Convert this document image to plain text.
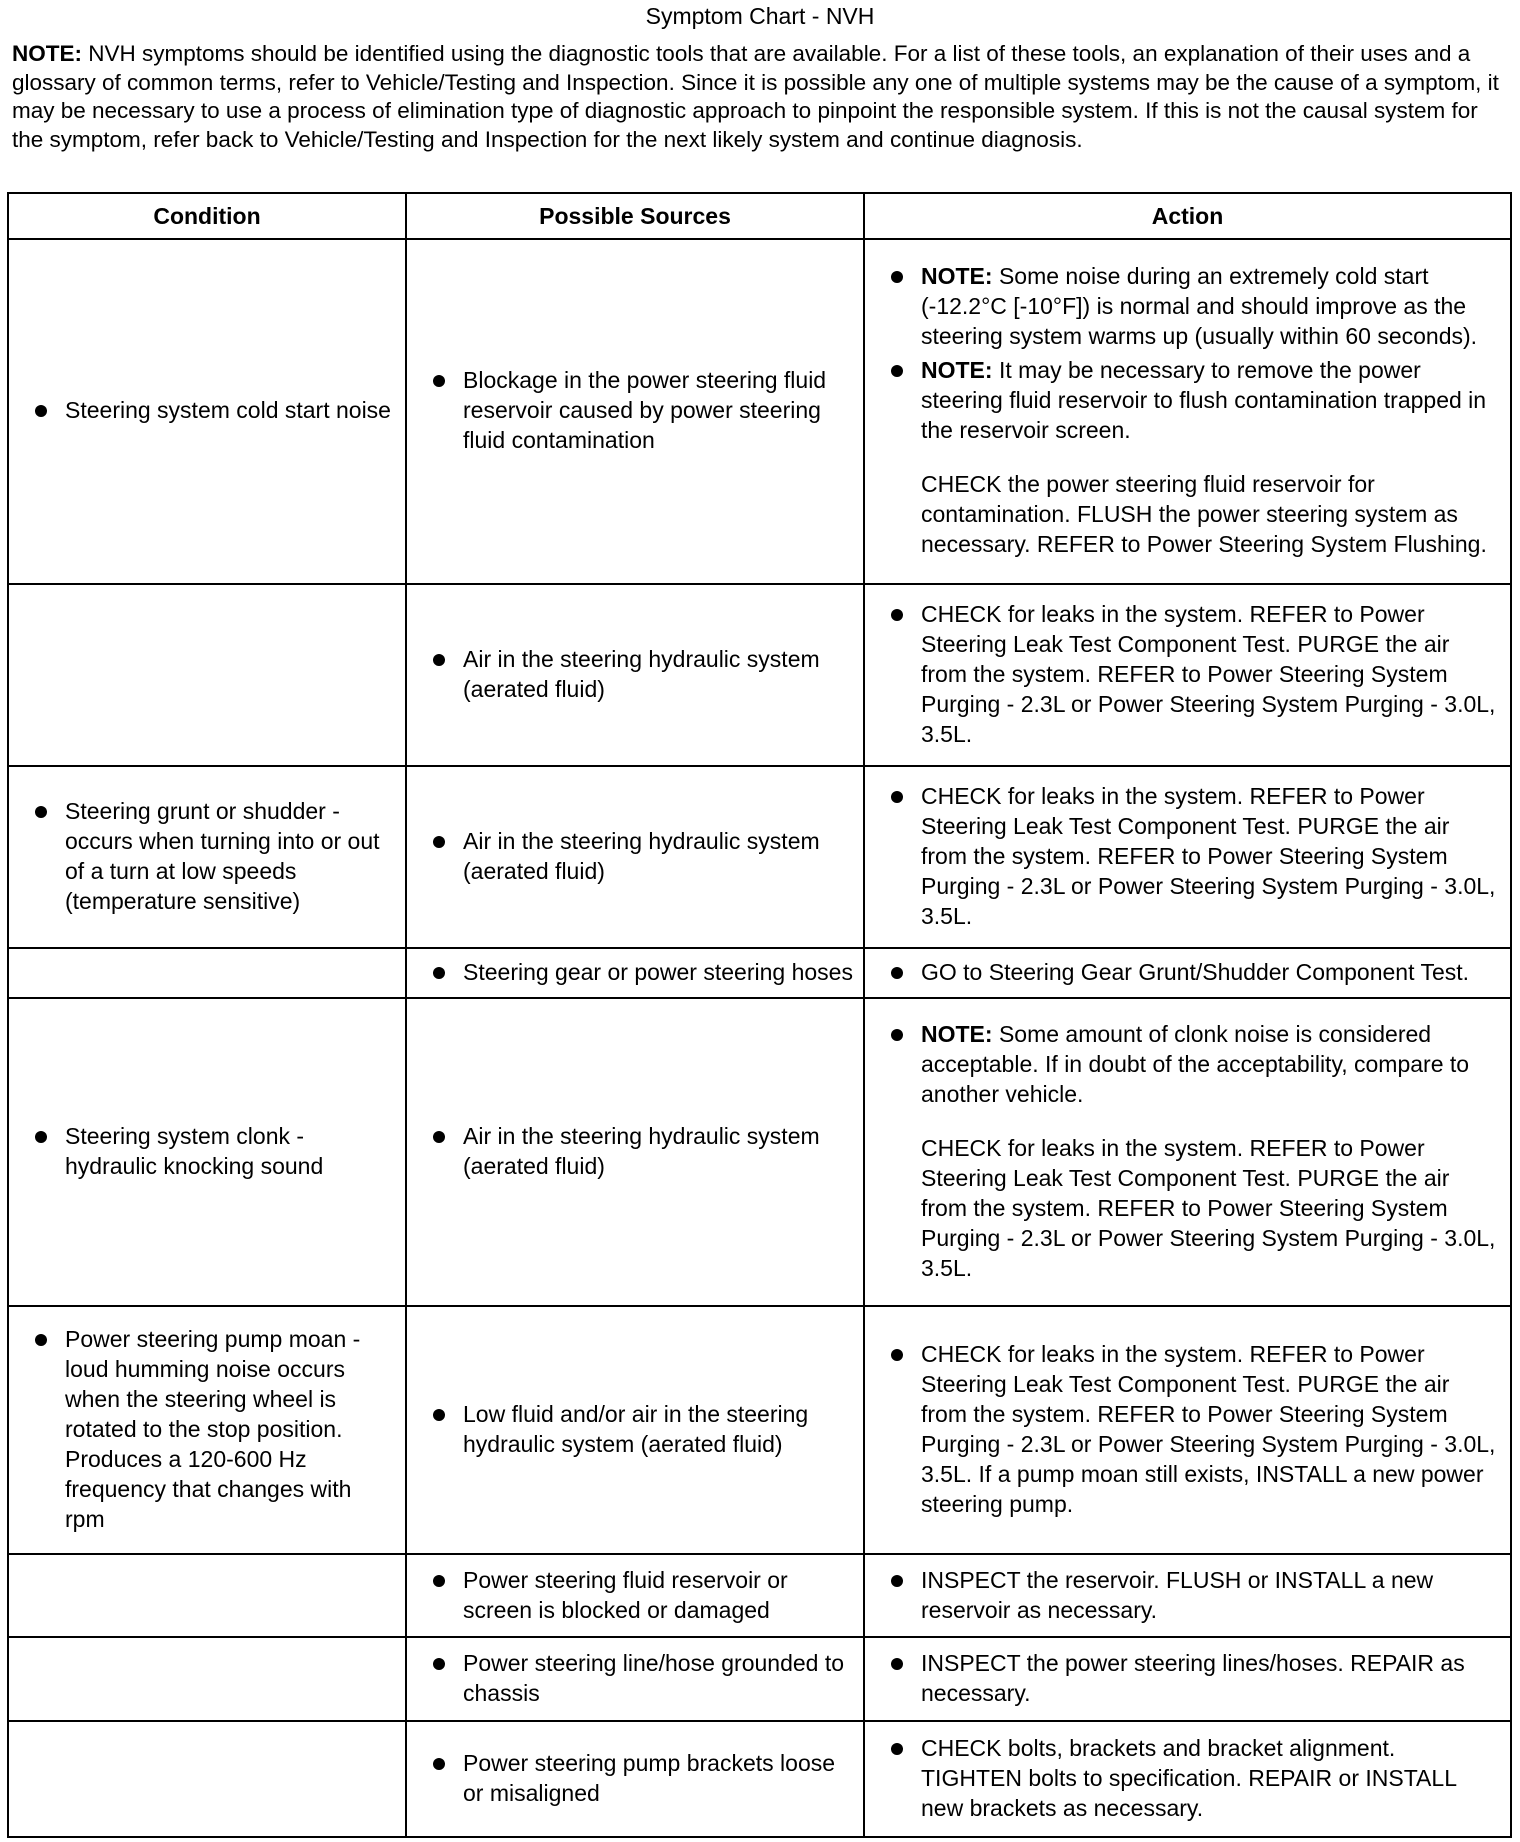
Symptom Chart - NVH

NOTE: NVH symptoms should be identified using the diagnostic tools that are available. For a list of these tools, an explanation of their uses and a glossary of common terms, refer to Vehicle/Testing and Inspection. Since it is possible any one of multiple systems may be the cause of a symptom, it may be necessary to use a process of elimination type of diagnostic approach to pinpoint the responsible system. If this is not the causal system for the symptom, refer back to Vehicle/Testing and Inspection for the next likely system and continue diagnosis.

Condition	Possible Sources	Action

Steering system cold start noise	Blockage in the power steering fluid reservoir caused by power steering fluid contamination	NOTE: Some noise during an extremely cold start (-12.2°C [-10°F]) is normal and should improve as the steering system warms up (usually within 60 seconds).
NOTE: It may be necessary to remove the power steering fluid reservoir to flush contamination trapped in the reservoir screen.
CHECK the power steering fluid reservoir for contamination. FLUSH the power steering system as necessary. REFER to Power Steering System Flushing.

	Air in the steering hydraulic system (aerated fluid)	CHECK for leaks in the system. REFER to Power Steering Leak Test Component Test. PURGE the air from the system. REFER to Power Steering System Purging - 2.3L or Power Steering System Purging - 3.0L, 3.5L.

Steering grunt or shudder - occurs when turning into or out of a turn at low speeds (temperature sensitive)	Air in the steering hydraulic system (aerated fluid)	CHECK for leaks in the system. REFER to Power Steering Leak Test Component Test. PURGE the air from the system. REFER to Power Steering System Purging - 2.3L or Power Steering System Purging - 3.0L, 3.5L.

	Steering gear or power steering hoses	GO to Steering Gear Grunt/Shudder Component Test.

Steering system clonk - hydraulic knocking sound	Air in the steering hydraulic system (aerated fluid)	NOTE: Some amount of clonk noise is considered acceptable. If in doubt of the acceptability, compare to another vehicle.
CHECK for leaks in the system. REFER to Power Steering Leak Test Component Test. PURGE the air from the system. REFER to Power Steering System Purging - 2.3L or Power Steering System Purging - 3.0L, 3.5L.

Power steering pump moan - loud humming noise occurs when the steering wheel is rotated to the stop position. Produces a 120-600 Hz frequency that changes with rpm	Low fluid and/or air in the steering hydraulic system (aerated fluid)	CHECK for leaks in the system. REFER to Power Steering Leak Test Component Test. PURGE the air from the system. REFER to Power Steering System Purging - 2.3L or Power Steering System Purging - 3.0L, 3.5L. If a pump moan still exists, INSTALL a new power steering pump.

	Power steering fluid reservoir or screen is blocked or damaged	INSPECT the reservoir. FLUSH or INSTALL a new reservoir as necessary.

	Power steering line/hose grounded to chassis	INSPECT the power steering lines/hoses. REPAIR as necessary.

	Power steering pump brackets loose or misaligned	CHECK bolts, brackets and bracket alignment. TIGHTEN bolts to specification. REPAIR or INSTALL new brackets as necessary.
